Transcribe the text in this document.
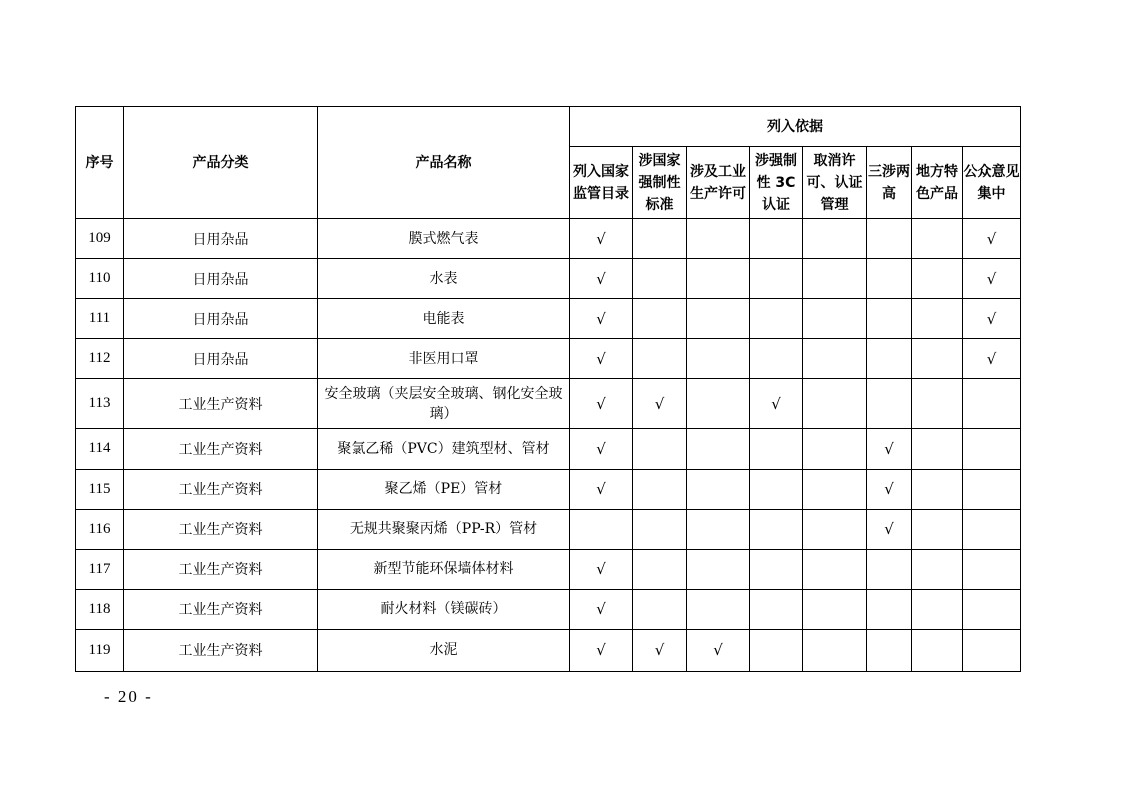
序号	产品分类	产品名称	列入依据							
			列入国家监管目录	涉国家强制性标准	涉及工业生产许可	涉强制性 3C 认证	取消许可、认证管理	三涉两高	地方特色产品	公众意见集中
109	日用杂品	膜式燃气表	√							√
110	日用杂品	水表	√							√
111	日用杂品	电能表	√							√
112	日用杂品	非医用口罩	√							√
113	工业生产资料	安全玻璃（夹层安全玻璃、钢化安全玻璃）	√	√		√				
114	工业生产资料	聚氯乙稀（PVC）建筑型材、管材	√					√		
115	工业生产资料	聚乙烯（PE）管材	√					√		
116	工业生产资料	无规共聚聚丙烯（PP-R）管材						√		
117	工业生产资料	新型节能环保墙体材料	√							
118	工业生产资料	耐火材料（镁碳砖）	√							
119	工业生产资料	水泥	√	√	√					
- 20 -
